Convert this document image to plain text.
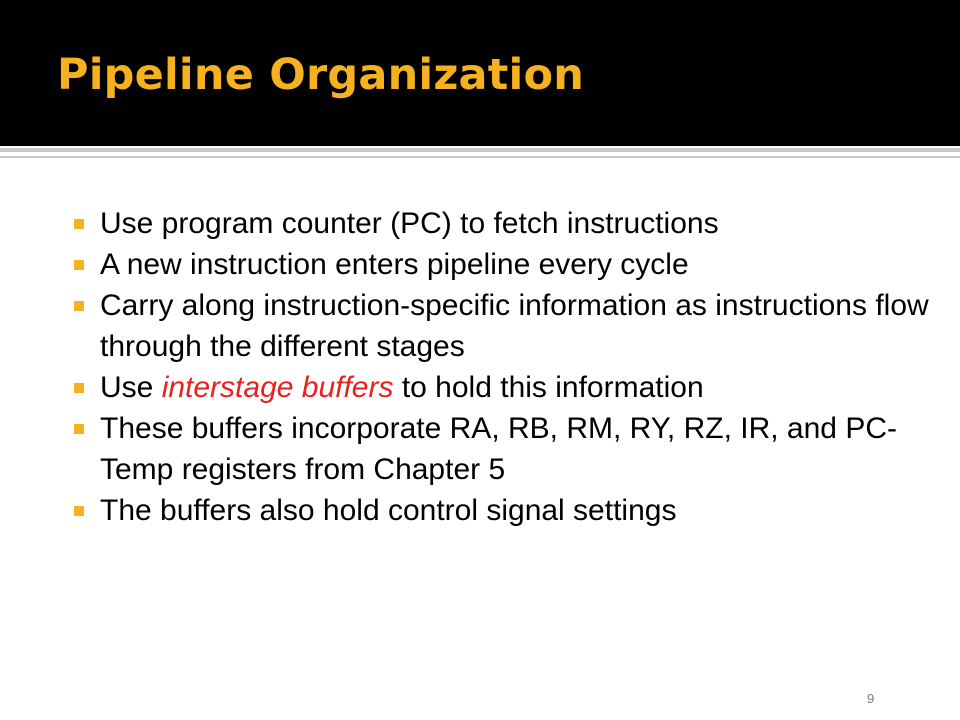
Pipeline Organization
Use program counter (PC) to fetch instructions
A new instruction enters pipeline every cycle
Carry along instruction-specific information as instructions flow through the different stages
Use interstage buffers to hold this information
These buffers incorporate RA, RB, RM, RY, RZ, IR, and PC-Temp registers from Chapter 5
The buffers also hold control signal settings
9
